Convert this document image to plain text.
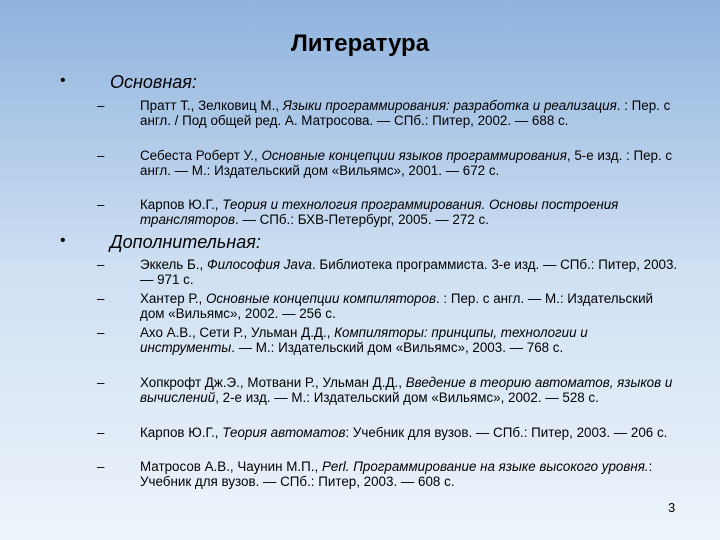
Литература
• Основная:
–	Пратт Т., Зелковиц М., Языки программирования: разработка и реализация. : Пер. с англ. / Под общей ред. А. Матросова. — СПб.: Питер, 2002. — 688 с.
–	Себеста Роберт У., Основные концепции языков программирования, 5-е изд. : Пер. с англ. — М.: Издательский дом «Вильямс», 2001. — 672 с.
–	Карпов Ю.Г., Теория и технология программирования. Основы построения трансляторов. — СПб.: БХВ-Петербург, 2005. — 272 с.
• Дополнительная:
–	Эккель Б., Философия Java. Библиотека программиста. 3-е изд. — СПб.: Питер, 2003. — 971 с.
–	Хантер Р., Основные концепции компиляторов. : Пер. с англ. — М.: Издательский дом «Вильямс», 2002. — 256 с.
–	Ахо А.В., Сети Р., Ульман Д.Д., Компиляторы: принципы, технологии и инструменты. — М.: Издательский дом «Вильямс», 2003. — 768 с.
–	Хопкрофт Дж.Э., Мотвани Р., Ульман Д.Д., Введение в теорию автоматов, языков и вычислений, 2-е изд. — М.: Издательский дом «Вильямс», 2002. — 528 с.
–	Карпов Ю.Г., Теория автоматов: Учебник для вузов. — СПб.: Питер, 2003. — 206 с.
–	Матросов А.В., Чаунин М.П., Perl. Программирование на языке высокого уровня.: Учебник для вузов. — СПб.: Питер, 2003. — 608 с.
3
